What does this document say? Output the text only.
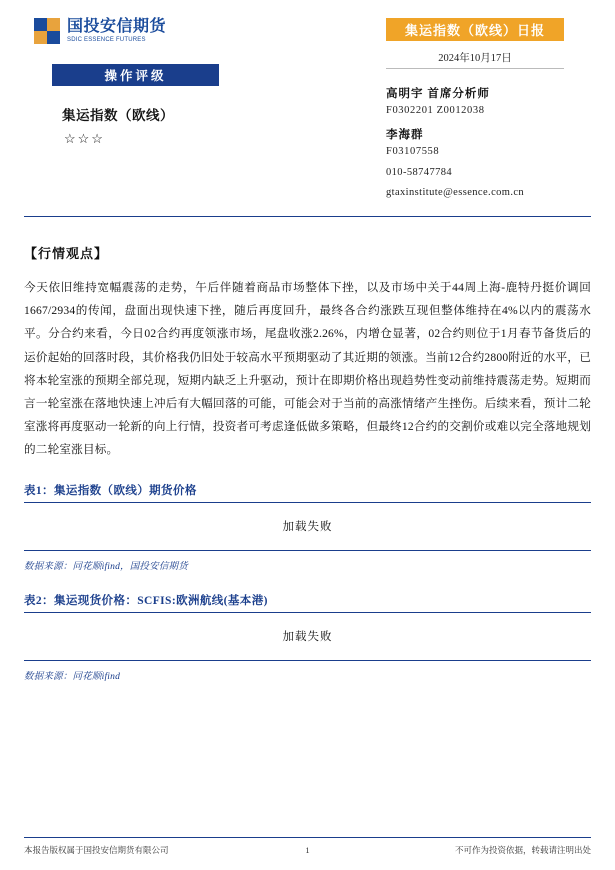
国投安信期货
SDIC ESSENCE FUTURES
操作评级
集运指数（欧线）
☆☆☆
集运指数（欧线）日报
2024年10月17日
高明宇 首席分析师
F0302201 Z0012038
李海群
F03107558
010-58747784
gtaxinstitute@essence.com.cn
【行情观点】
今天依旧维持宽幅震荡的走势，午后伴随着商品市场整体下挫，以及市场中关于44周上海-鹿特丹挺价调回1667/2934的传闻，盘面出现快速下挫，随后再度回升，最终各合约涨跌互现但整体维持在4%以内的震荡水平。分合约来看，今日02合约再度领涨市场，尾盘收涨2.26%，内增仓显著，02合约则位于1月春节备货后的运价起始的回落时段，其价格我仍旧处于较高水平预期驱动了其近期的领涨。当前12合约2800附近的水平，已将本轮室涨的预期全部兑现，短期内缺乏上升驱动，预计在即期价格出现趋势性变动前维持震荡走势。短期而言一轮室涨在落地快速上冲后有大幅回落的可能，可能会对于当前的高涨情绪产生挫伤。后续来看，预计二轮室涨将再度驱动一轮新的向上行情，投资者可考虑逢低做多策略，但最终12合约的交割价或难以完全落地规划的二轮室涨目标。
表1：集运指数（欧线）期货价格
加载失败
数据来源：同花顺ifind，国投安信期货
表2：集运现货价格：SCFIS:欧洲航线(基本港)
加载失败
数据来源：同花顺ifind
本报告版权属于国投安信期货有限公司	1	不可作为投资依据，转载请注明出处
